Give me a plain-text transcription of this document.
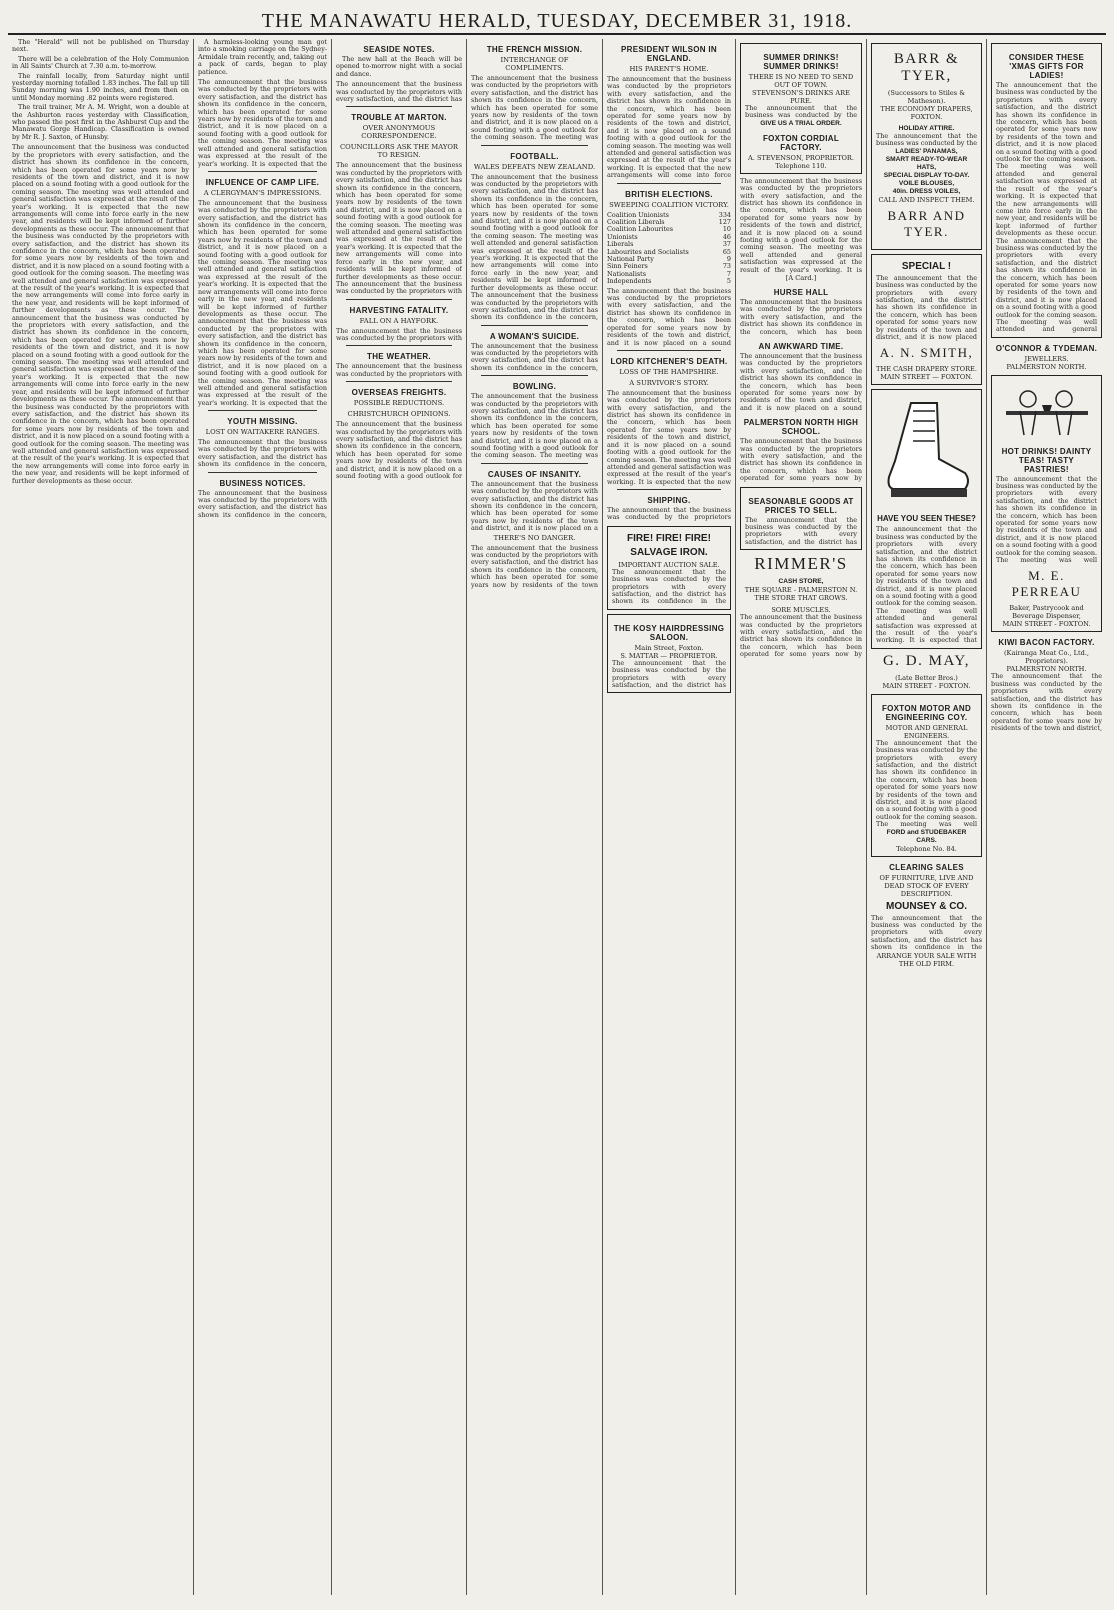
THE MANAWATU HERALD, TUESDAY, DECEMBER 31, 1918.

The "Herald" will not be published on Thursday next.

There will be a celebration of the Holy Communion in All Saints' Church at 7.30 a.m. to-morrow.

The rainfall locally, from Saturday night until yesterday morning totalled 1.83 inches. The fall up till Sunday morning was 1.90 inches, and from then on until Monday morning .82 points were registered.

The trail trainer, Mr A. M. Wright, won a double at the Ashburton races yesterday with Classification, who passed the post first in the Ashburst Cup and the Manawatu Gorge Handicap. Classification is owned by Mr R. J. Saxton, of Hunsby.

The announcement that the business was conducted by the proprietors with every satisfaction, and the district has shown its confidence in the concern, which has been operated for some years now by residents of the town and district, and it is now placed on a sound footing with a good outlook for the coming season. The meeting was well attended and general satisfaction was expressed at the result of the year's working. It is expected that the new arrangements will come into force early in the new year, and residents will be kept informed of further developments as these occur. The announcement that the business was conducted by the proprietors with every satisfaction, and the district has shown its confidence in the concern, which has been operated for some years now by residents of the town and district, and it is now placed on a sound footing with a good outlook for the coming season. The meeting was well attended and general satisfaction was expressed at the result of the year's working. It is expected that the new arrangements will come into force early in the new year, and residents will be kept informed of further developments as these occur. The announcement that the business was conducted by the proprietors with every satisfaction, and the district has shown its confidence in the concern, which has been operated for some years now by residents of the town and district, and it is now placed on a sound footing with a good outlook for the coming season. The meeting was well attended and general satisfaction was expressed at the result of the year's working. It is expected that the new arrangements will come into force early in the new year, and residents will be kept informed of further developments as these occur. The announcement that the business was conducted by the proprietors with every satisfaction, and the district has shown its confidence in the concern, which has been operated for some years now by residents of the town and district, and it is now placed on a sound footing with a good outlook for the coming season. The meeting was well attended and general satisfaction was expressed at the result of the year's working. It is expected that the new arrangements will come into force early in the new year, and residents will be kept informed of further developments as these occur.

A harmless-looking young man got into a smoking carriage on the Sydney-Armidale train recently, and, taking out a pack of cards, began to play patience.

The announcement that the business was conducted by the proprietors with every satisfaction, and the district has shown its confidence in the concern, which has been operated for some years now by residents of the town and district, and it is now placed on a sound footing with a good outlook for the coming season. The meeting was well attended and general satisfaction was expressed at the result of the year's working. It is expected that the
INFLUENCE OF CAMP LIFE.
A CLERGYMAN'S IMPRESSIONS.
The announcement that the business was conducted by the proprietors with every satisfaction, and the district has shown its confidence in the concern, which has been operated for some years now by residents of the town and district, and it is now placed on a sound footing with a good outlook for the coming season. The meeting was well attended and general satisfaction was expressed at the result of the year's working. It is expected that the new arrangements will come into force early in the new year, and residents will be kept informed of further developments as these occur. The announcement that the business was conducted by the proprietors with every satisfaction, and the district has shown its confidence in the concern, which has been operated for some years now by residents of the town and district, and it is now placed on a sound footing with a good outlook for the coming season. The meeting was well attended and general satisfaction was expressed at the result of the year's working. It is expected that the
YOUTH MISSING.
LOST ON WAITAKERE RANGES.
The announcement that the business was conducted by the proprietors with every satisfaction, and the district has shown its confidence in the concern,
BUSINESS NOTICES.
The announcement that the business was conducted by the proprietors with every satisfaction, and the district has shown its confidence in the concern,
SEASIDE NOTES.

The new hall at the Beach will be opened to-morrow night with a social and dance.

The announcement that the business was conducted by the proprietors with every satisfaction, and the district has
TROUBLE AT MARTON.
OVER ANONYMOUS CORRESPONDENCE.
COUNCILLORS ASK THE MAYOR TO RESIGN.
The announcement that the business was conducted by the proprietors with every satisfaction, and the district has shown its confidence in the concern, which has been operated for some years now by residents of the town and district, and it is now placed on a sound footing with a good outlook for the coming season. The meeting was well attended and general satisfaction was expressed at the result of the year's working. It is expected that the new arrangements will come into force early in the new year, and residents will be kept informed of further developments as these occur. The announcement that the business was conducted by the proprietors with
HARVESTING FATALITY.
FALL ON A HAYFORK.
The announcement that the business was conducted by the proprietors with
THE WEATHER.
The announcement that the business was conducted by the proprietors with
OVERSEAS FREIGHTS.
POSSIBLE REDUCTIONS.
CHRISTCHURCH OPINIONS.
The announcement that the business was conducted by the proprietors with every satisfaction, and the district has shown its confidence in the concern, which has been operated for some years now by residents of the town and district, and it is now placed on a sound footing with a good outlook for
THE FRENCH MISSION.
INTERCHANGE OF COMPLIMENTS.
The announcement that the business was conducted by the proprietors with every satisfaction, and the district has shown its confidence in the concern, which has been operated for some years now by residents of the town and district, and it is now placed on a sound footing with a good outlook for the coming season. The meeting was
FOOTBALL.
WALES DEFEATS NEW ZEALAND.
The announcement that the business was conducted by the proprietors with every satisfaction, and the district has shown its confidence in the concern, which has been operated for some years now by residents of the town and district, and it is now placed on a sound footing with a good outlook for the coming season. The meeting was well attended and general satisfaction was expressed at the result of the year's working. It is expected that the new arrangements will come into force early in the new year, and residents will be kept informed of further developments as these occur. The announcement that the business was conducted by the proprietors with every satisfaction, and the district has shown its confidence in the concern,
A WOMAN'S SUICIDE.
The announcement that the business was conducted by the proprietors with every satisfaction, and the district has shown its confidence in the concern,
BOWLING.
The announcement that the business was conducted by the proprietors with every satisfaction, and the district has shown its confidence in the concern, which has been operated for some years now by residents of the town and district, and it is now placed on a sound footing with a good outlook for the coming season. The meeting was
CAUSES OF INSANITY.
The announcement that the business was conducted by the proprietors with every satisfaction, and the district has shown its confidence in the concern, which has been operated for some years now by residents of the town and district, and it is now placed on a
THERE'S NO DANGER.
The announcement that the business was conducted by the proprietors with every satisfaction, and the district has shown its confidence in the concern, which has been operated for some years now by residents of the town
PRESIDENT WILSON IN ENGLAND.
HIS PARENT'S HOME.
The announcement that the business was conducted by the proprietors with every satisfaction, and the district has shown its confidence in the concern, which has been operated for some years now by residents of the town and district, and it is now placed on a sound footing with a good outlook for the coming season. The meeting was well attended and general satisfaction was expressed at the result of the year's working. It is expected that the new arrangements will come into force
BRITISH ELECTIONS.
SWEEPING COALITION VICTORY.
Coalition Unionists	334
Coalition Liberals	127
Coalition Labourites	10
Unionists	46
Liberals	37
Labourites and Socialists	65
National Party	9
Sinn Feiners	73
Nationalists	7
Independents	5
The announcement that the business was conducted by the proprietors with every satisfaction, and the district has shown its confidence in the concern, which has been operated for some years now by residents of the town and district, and it is now placed on a sound
LORD KITCHENER'S DEATH.
LOSS OF THE HAMPSHIRE.
A SURVIVOR'S STORY.
The announcement that the business was conducted by the proprietors with every satisfaction, and the district has shown its confidence in the concern, which has been operated for some years now by residents of the town and district, and it is now placed on a sound footing with a good outlook for the coming season. The meeting was well attended and general satisfaction was expressed at the result of the year's working. It is expected that the new
SHIPPING.
The announcement that the business was conducted by the proprietors
FIRE! FIRE! FIRE!
SALVAGE IRON.
IMPORTANT AUCTION SALE.
The announcement that the business was conducted by the proprietors with every satisfaction, and the district has shown its confidence in the
THE KOSY HAIRDRESSING SALOON.
Main Street, Foxton.
S. MATTAR — PROPRIETOR.
The announcement that the business was conducted by the proprietors with every satisfaction, and the district has
SUMMER DRINKS! SUMMER DRINKS!
THERE IS NO NEED TO SEND OUT OF TOWN.
STEVENSON'S DRINKS ARE PURE.
The announcement that the business was conducted by the
GIVE US A TRIAL ORDER.
FOXTON CORDIAL FACTORY.
A. STEVENSON, PROPRIETOR. Telephone 110.
The announcement that the business was conducted by the proprietors with every satisfaction, and the district has shown its confidence in the concern, which has been operated for some years now by residents of the town and district, and it is now placed on a sound footing with a good outlook for the coming season. The meeting was well attended and general satisfaction was expressed at the result of the year's working. It is
[A Card.]
HURSE HALL
The announcement that the business was conducted by the proprietors with every satisfaction, and the district has shown its confidence in the concern, which has been
AN AWKWARD TIME.
The announcement that the business was conducted by the proprietors with every satisfaction, and the district has shown its confidence in the concern, which has been operated for some years now by residents of the town and district, and it is now placed on a sound
PALMERSTON NORTH HIGH SCHOOL.
The announcement that the business was conducted by the proprietors with every satisfaction, and the district has shown its confidence in the concern, which has been operated for some years now by
SEASONABLE GOODS AT PRICES TO SELL.
The announcement that the business was conducted by the proprietors with every satisfaction, and the district has
RIMMER'S
CASH STORE,
THE SQUARE - PALMERSTON N.
THE STORE THAT GROWS.
SORE MUSCLES.
The announcement that the business was conducted by the proprietors with every satisfaction, and the district has shown its confidence in the concern, which has been operated for some years now by
BARR & TYER,
(Successors to Stiles & Matheson).
THE ECONOMY DRAPERS,
FOXTON.
HOLIDAY ATTIRE.
The announcement that the business was conducted by the
LADIES' PANAMAS,
SMART READY-TO-WEAR HATS,
SPECIAL DISPLAY TO-DAY.
VOILE BLOUSES,
40in. DRESS VOILES,
CALL AND INSPECT THEM.
BARR AND TYER.
SPECIAL !
The announcement that the business was conducted by the proprietors with every satisfaction, and the district has shown its confidence in the concern, which has been operated for some years now by residents of the town and district, and it is now placed
A. N. SMITH,
THE CASH DRAPERY STORE.
MAIN STREET — FOXTON.
HAVE YOU SEEN THESE?
The announcement that the business was conducted by the proprietors with every satisfaction, and the district has shown its confidence in the concern, which has been operated for some years now by residents of the town and district, and it is now placed on a sound footing with a good outlook for the coming season. The meeting was well attended and general satisfaction was expressed at the result of the year's working. It is expected that
G. D. MAY,
(Late Better Bros.)
MAIN STREET - FOXTON.
FOXTON MOTOR AND ENGINEERING COY.
MOTOR AND GENERAL ENGINEERS.
The announcement that the business was conducted by the proprietors with every satisfaction, and the district has shown its confidence in the concern, which has been operated for some years now by residents of the town and district, and it is now placed on a sound footing with a good outlook for the coming season. The meeting was well
FORD and STUDEBAKER CARS.
Telephone No. 84.
CLEARING SALES
OF FURNITURE, LIVE AND DEAD STOCK OF EVERY DESCRIPTION.
MOUNSEY & CO.
The announcement that the business was conducted by the proprietors with every satisfaction, and the district has shown its confidence in the
ARRANGE YOUR SALE WITH THE OLD FIRM.
CONSIDER THESE 'XMAS GIFTS FOR LADIES!
The announcement that the business was conducted by the proprietors with every satisfaction, and the district has shown its confidence in the concern, which has been operated for some years now by residents of the town and district, and it is now placed on a sound footing with a good outlook for the coming season. The meeting was well attended and general satisfaction was expressed at the result of the year's working. It is expected that the new arrangements will come into force early in the new year, and residents will be kept informed of further developments as these occur. The announcement that the business was conducted by the proprietors with every satisfaction, and the district has shown its confidence in the concern, which has been operated for some years now by residents of the town and district, and it is now placed on a sound footing with a good outlook for the coming season. The meeting was well attended and general
O'CONNOR & TYDEMAN.
JEWELLERS.
PALMERSTON NORTH.
HOT DRINKS! DAINTY TEAS! TASTY PASTRIES!
The announcement that the business was conducted by the proprietors with every satisfaction, and the district has shown its confidence in the concern, which has been operated for some years now by residents of the town and district, and it is now placed on a sound footing with a good outlook for the coming season. The meeting was well
M. E. PERREAU
Baker, Pastrycook and Beverage Dispenser,
MAIN STREET - FOXTON.
KIWI BACON FACTORY.
(Kairanga Meat Co., Ltd., Proprietors).
PALMERSTON NORTH.
The announcement that the business was conducted by the proprietors with every satisfaction, and the district has shown its confidence in the concern, which has been operated for some years now by residents of the town and district,
